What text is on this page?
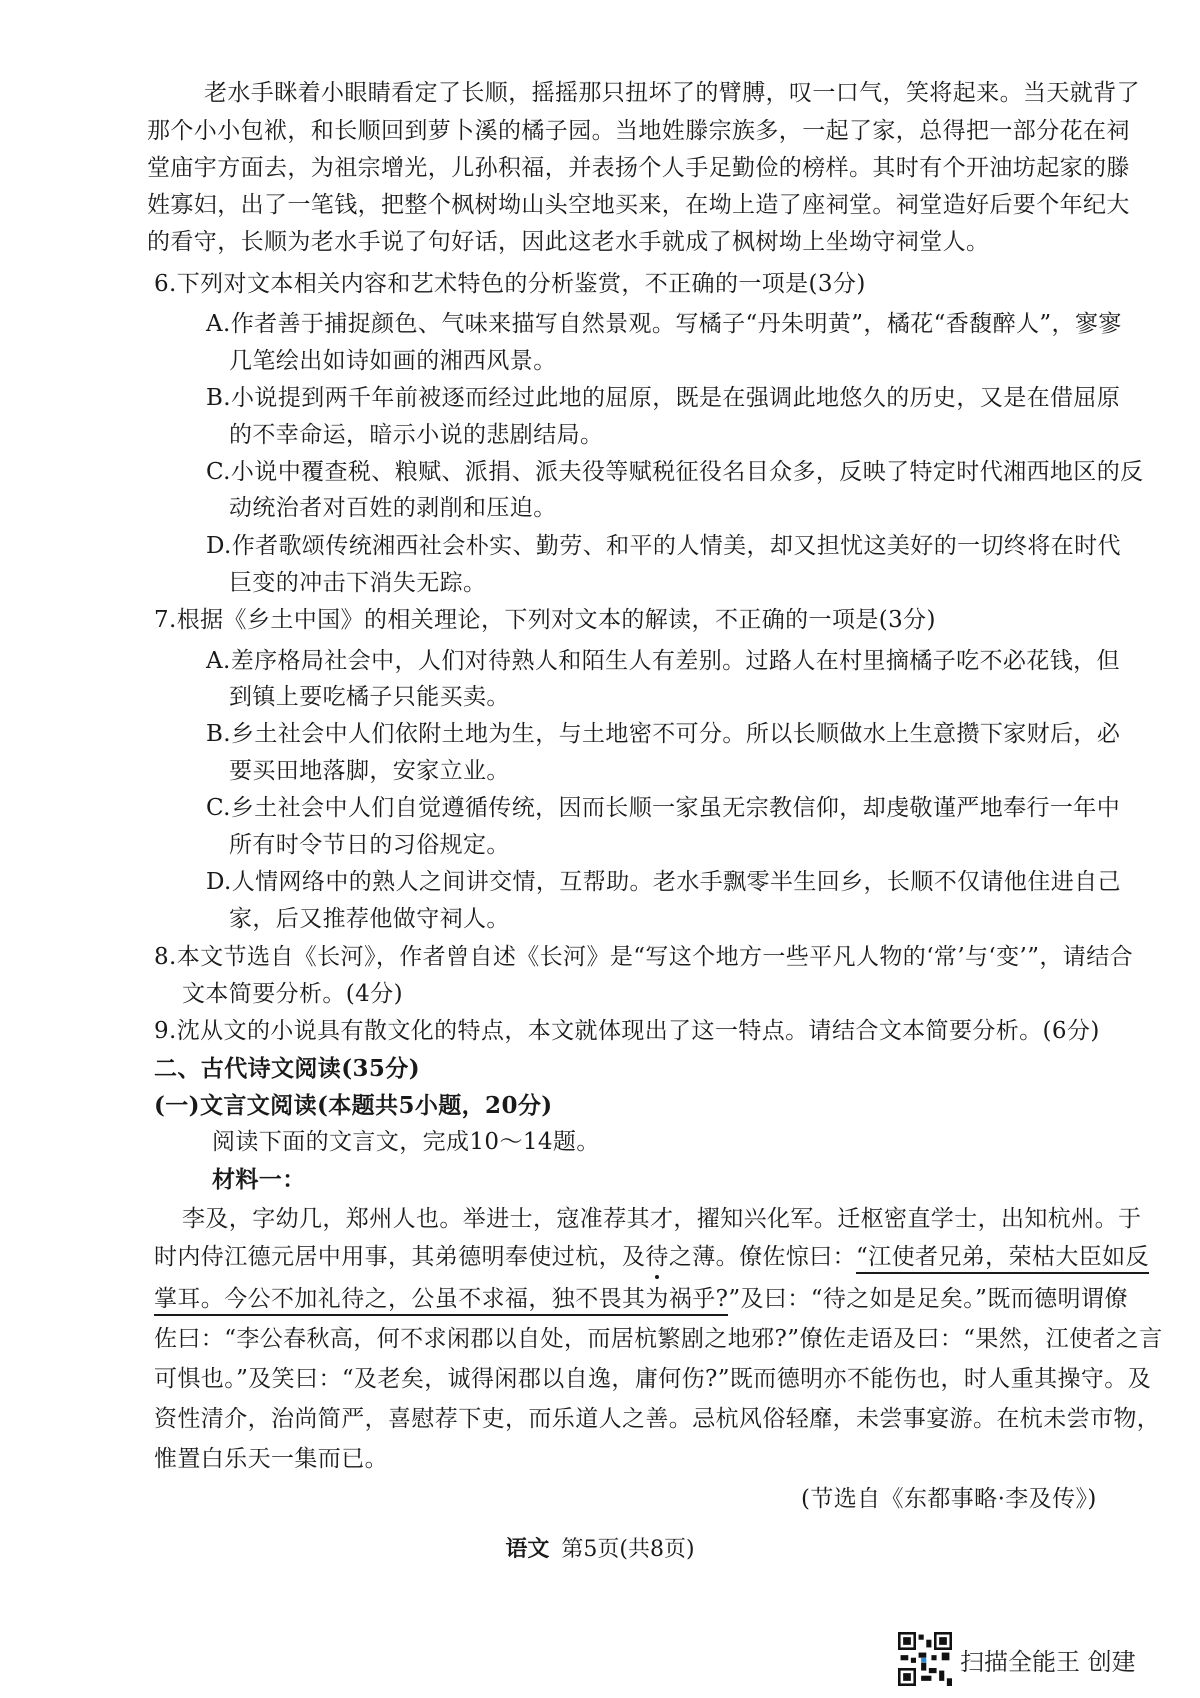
老水手眯着小眼睛看定了长顺，摇摇那只扭坏了的臂膊，叹一口气，笑将起来。当天就背了
那个小小包袱，和长顺回到萝卜溪的橘子园。当地姓滕宗族多，一起了家，总得把一部分花在祠
堂庙宇方面去，为祖宗增光，儿孙积福，并表扬个人手足勤俭的榜样。其时有个开油坊起家的滕
姓寡妇，出了一笔钱，把整个枫树坳山头空地买来，在坳上造了座祠堂。祠堂造好后要个年纪大
的看守，长顺为老水手说了句好话，因此这老水手就成了枫树坳上坐坳守祠堂人。
6.下列对文本相关内容和艺术特色的分析鉴赏，不正确的一项是(3分)
A.作者善于捕捉颜色、气味来描写自然景观。写橘子“丹朱明黄”，橘花“香馥醉人”，寥寥
几笔绘出如诗如画的湘西风景。
B.小说提到两千年前被逐而经过此地的屈原，既是在强调此地悠久的历史，又是在借屈原
的不幸命运，暗示小说的悲剧结局。
C.小说中覆查税、粮赋、派捐、派夫役等赋税征役名目众多，反映了特定时代湘西地区的反
动统治者对百姓的剥削和压迫。
D.作者歌颂传统湘西社会朴实、勤劳、和平的人情美，却又担忧这美好的一切终将在时代
巨变的冲击下消失无踪。
7.根据《乡土中国》的相关理论，下列对文本的解读，不正确的一项是(3分)
A.差序格局社会中，人们对待熟人和陌生人有差别。过路人在村里摘橘子吃不必花钱，但
到镇上要吃橘子只能买卖。
B.乡土社会中人们依附土地为生，与土地密不可分。所以长顺做水上生意攒下家财后，必
要买田地落脚，安家立业。
C.乡土社会中人们自觉遵循传统，因而长顺一家虽无宗教信仰，却虔敬谨严地奉行一年中
所有时令节日的习俗规定。
D.人情网络中的熟人之间讲交情，互帮助。老水手飘零半生回乡，长顺不仅请他住进自己
家，后又推荐他做守祠人。
8.本文节选自《长河》，作者曾自述《长河》是“写这个地方一些平凡人物的‘常’与‘变’”，请结合
文本简要分析。(4分)
9.沈从文的小说具有散文化的特点，本文就体现出了这一特点。请结合文本简要分析。(6分)
二、古代诗文阅读(35分)
(一)文言文阅读(本题共5小题，20分)
阅读下面的文言文，完成10～14题。
材料一：
李及，字幼几，郑州人也。举进士，寇准荐其才，擢知兴化军。迁枢密直学士，出知杭州。于
时内侍江德元居中用事，其弟德明奉使过杭，及待之薄。僚佐惊曰：“江使者兄弟，荣枯大臣如反
掌耳。今公不加礼待之，公虽不求福，独不畏其为祸乎?”及曰：“待之如是足矣。”既而德明谓僚
佐曰：“李公春秋高，何不求闲郡以自处，而居杭繁剧之地邪?”僚佐走语及曰：“果然，江使者之言
可惧也。”及笑曰：“及老矣，诚得闲郡以自逸，庸何伤?”既而德明亦不能伤也，时人重其操守。及
资性清介，治尚简严，喜慰荐下吏，而乐道人之善。忌杭风俗轻靡，未尝事宴游。在杭未尝市物，
惟置白乐天一集而已。
(节选自《东都事略·李及传》)
语文 第5页(共8页)
扫描全能王 创建
